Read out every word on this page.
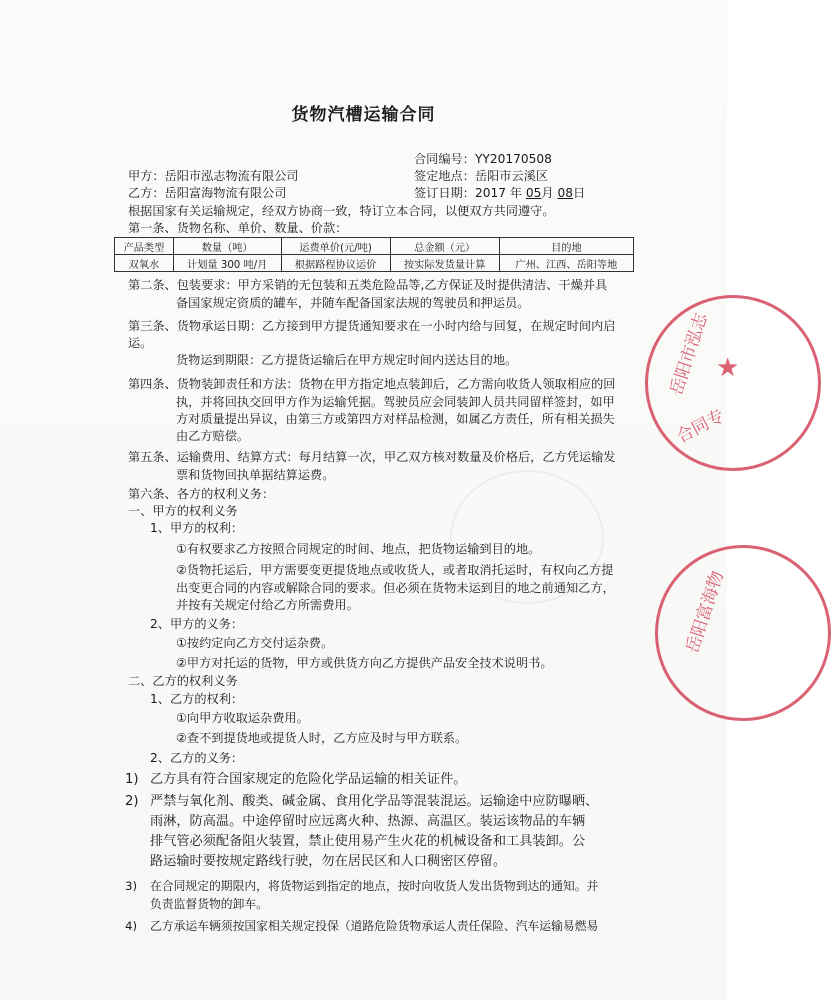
货物汽槽运输合同
合同编号：YY20170508
甲方：岳阳市泓志物流有限公司	签定地点：岳阳市云溪区
乙方：岳阳富海物流有限公司	签订日期：2017 年 05月 08日
根据国家有关运输规定，经双方协商一致，特订立本合同，以便双方共同遵守。
第一条、货物名称、单价、数量、价款：
产品类型	数量（吨）	运费单价(元/吨)	总金额（元）	目的地
双氧水	计划量 300 吨/月	根据路程协议运价	按实际发货量计算	广州、江西、岳阳等地
第二条、包装要求：甲方采销的无包装和五类危险品等,乙方保证及时提供清洁、干燥并具
备国家规定资质的罐车，并随车配备国家法规的驾驶员和押运员。
第三条、货物承运日期：乙方接到甲方提货通知要求在一小时内给与回复，在规定时间内启
运。
货物运到期限：乙方提货运输后在甲方规定时间内送达目的地。
第四条、货物装卸责任和方法：货物在甲方指定地点装卸后，乙方需向收货人领取相应的回
执，并将回执交回甲方作为运输凭据。驾驶员应会同装卸人员共同留样签封，如甲
方对质量提出异议，由第三方或第四方对样品检测，如属乙方责任，所有相关损失
由乙方赔偿。
第五条、运输费用、结算方式：每月结算一次，甲乙双方核对数量及价格后，乙方凭运输发
票和货物回执单据结算运费。
第六条、各方的权利义务：
一、甲方的权利义务
1、甲方的权利：
①有权要求乙方按照合同规定的时间、地点，把货物运输到目的地。
②货物托运后，甲方需要变更提货地点或收货人，或者取消托运时，有权向乙方提
出变更合同的内容或解除合同的要求。但必须在货物未运到目的地之前通知乙方，
并按有关规定付给乙方所需费用。
2、甲方的义务：
①按约定向乙方交付运杂费。
②甲方对托运的货物，甲方或供货方向乙方提供产品安全技术说明书。
二、乙方的权利义务
1、乙方的权利：
①向甲方收取运杂费用。
②查不到提货地或提货人时，乙方应及时与甲方联系。
2、乙方的义务：
1) 乙方具有符合国家规定的危险化学品运输的相关证件。
2) 严禁与氧化剂、酸类、碱金属、食用化学品等混装混运。运输途中应防曝晒、
雨淋，防高温。中途停留时应远离火种、热源、高温区。装运该物品的车辆
排气管必须配备阻火装置，禁止使用易产生火花的机械设备和工具装卸。公
路运输时要按规定路线行驶，勿在居民区和人口稠密区停留。
3) 在合同规定的期限内，将货物运到指定的地点，按时向收货人发出货物到达的通知。并
负责监督货物的卸车。
4) 乙方承运车辆须按国家相关规定投保（道路危险货物承运人责任保险、汽车运输易燃易
岳阳市泓志
合同专
★
岳阳富海物
